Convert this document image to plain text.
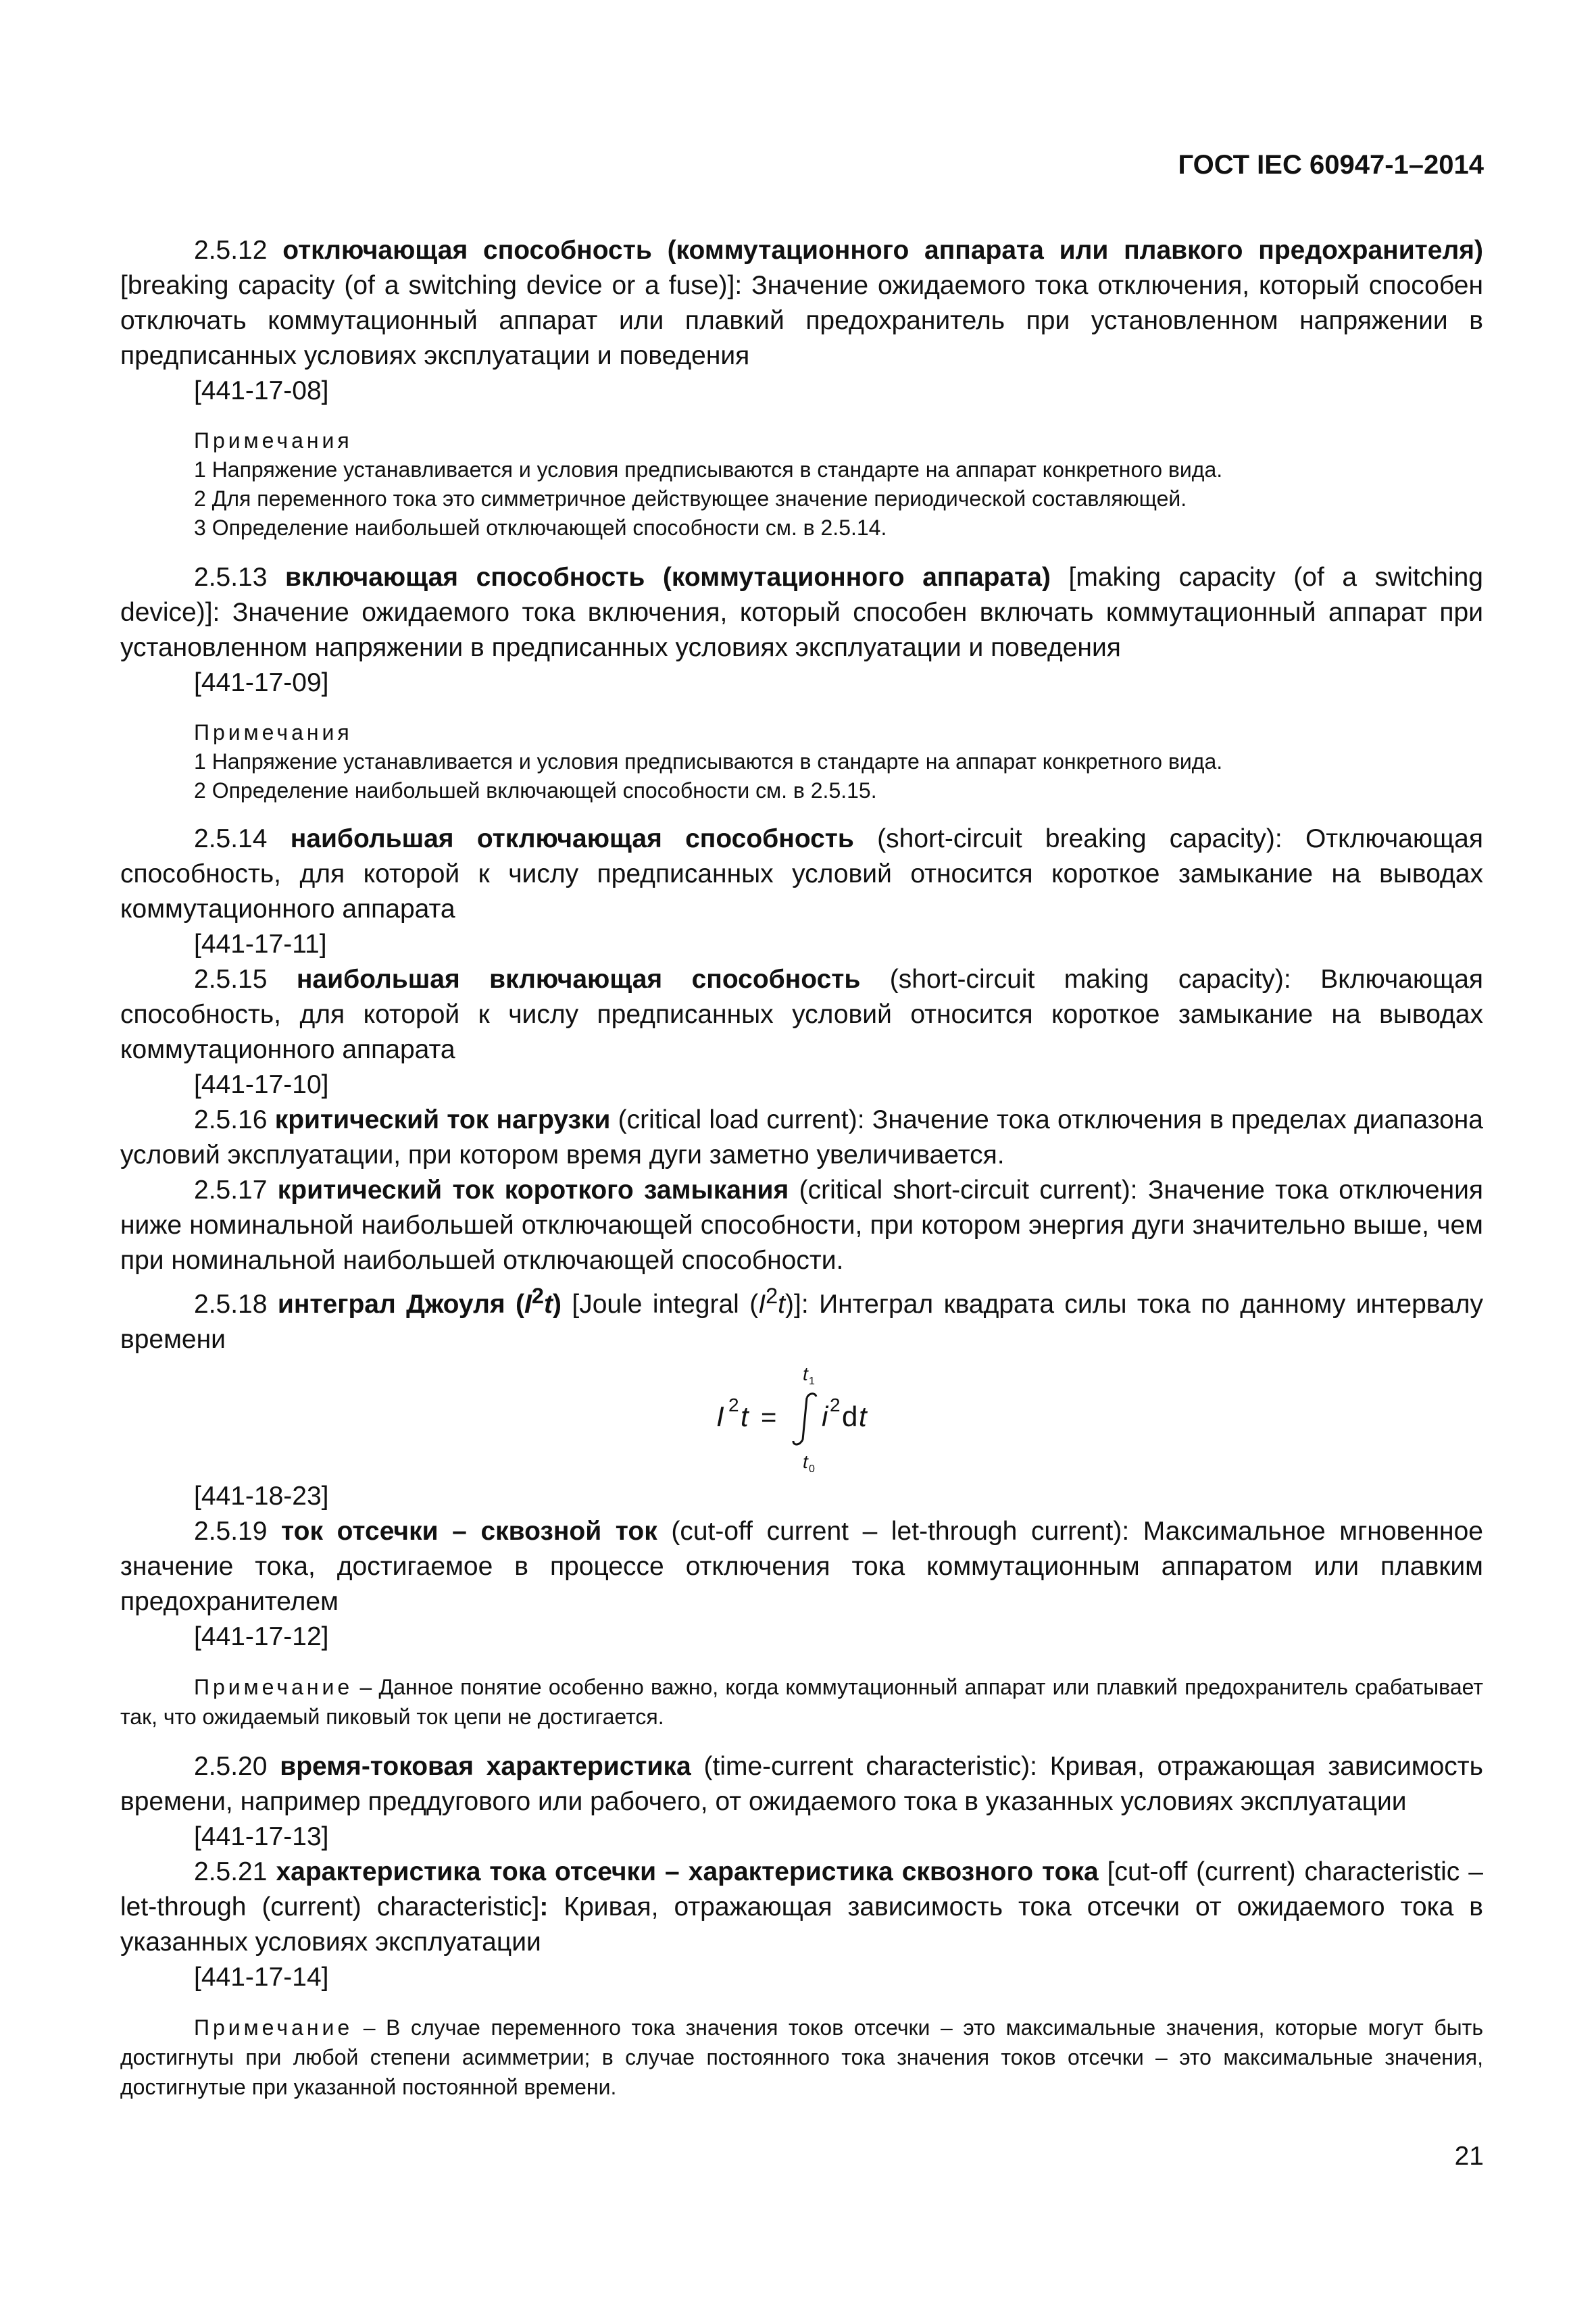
ГОСТ IEC 60947-1–2014

2.5.12 отключающая способность (коммутационного аппарата или плавкого предохранителя) [breaking capacity (of a switching device or a fuse)]: Значение ожидаемого тока отключения, который способен отключать коммутационный аппарат или плавкий предохранитель при установленном напряжении в предписанных условиях эксплуатации и поведения

[441-17-08]

Примечания

1 Напряжение устанавливается и условия предписываются в стандарте на аппарат конкретного вида.

2 Для переменного тока это симметричное действующее значение периодической составляющей.

3 Определение наибольшей отключающей способности см. в 2.5.14.

2.5.13 включающая способность (коммутационного аппарата) [making capacity (of a switching device)]: Значение ожидаемого тока включения, который способен включать коммутационный аппарат при установленном напряжении в предписанных условиях эксплуатации и поведения

[441-17-09]

Примечания

1 Напряжение устанавливается и условия предписываются в стандарте на аппарат конкретного вида.

2 Определение наибольшей включающей способности см. в 2.5.15.

2.5.14 наибольшая отключающая способность (short-circuit breaking capacity): Отключающая способность, для которой к числу предписанных условий относится короткое замыкание на выводах коммутационного аппарата

[441-17-11]

2.5.15 наибольшая включающая способность (short-circuit making capacity): Включающая способность, для которой к числу предписанных условий относится короткое замыкание на выводах коммутационного аппарата

[441-17-10]

2.5.16 критический ток нагрузки (critical load current): Значение тока отключения в пределах диапазона условий эксплуатации, при котором время дуги заметно увеличивается.

2.5.17 критический ток короткого замыкания (critical short-circuit current): Значение тока отключения ниже номинальной наибольшей отключающей способности, при котором энергия дуги значительно выше, чем при номинальной наибольшей отключающей способности.

2.5.18 интеграл Джоуля $(I^2t)$ [Joule integral $(I^2t)$]: Интеграл квадрата силы тока по данному интервалу времени

I 2 t =
t 1
t 0
i 2 d t

[441-18-23]

2.5.19 ток отсечки – сквозной ток (cut-off current – let-through current): Максимальное мгновенное значение тока, достигаемое в процессе отключения тока коммутационным аппаратом или плавким предохранителем

[441-17-12]

Примечание – Данное понятие особенно важно, когда коммутационный аппарат или плавкий предохранитель срабатывает так, что ожидаемый пиковый ток цепи не достигается.

2.5.20 время-токовая характеристика (time-current characteristic): Кривая, отражающая зависимость времени, например преддугового или рабочего, от ожидаемого тока в указанных условиях эксплуатации

[441-17-13]

2.5.21 характеристика тока отсечки – характеристика сквозного тока [cut-off (current) characteristic – let-through (current) characteristic]: Кривая, отражающая зависимость тока отсечки от ожидаемого тока в указанных условиях эксплуатации

[441-17-14]

Примечание – В случае переменного тока значения токов отсечки – это максимальные значения, которые могут быть достигнуты при любой степени асимметрии; в случае постоянного тока значения токов отсечки – это максимальные значения, достигнутые при указанной постоянной времени.

21
